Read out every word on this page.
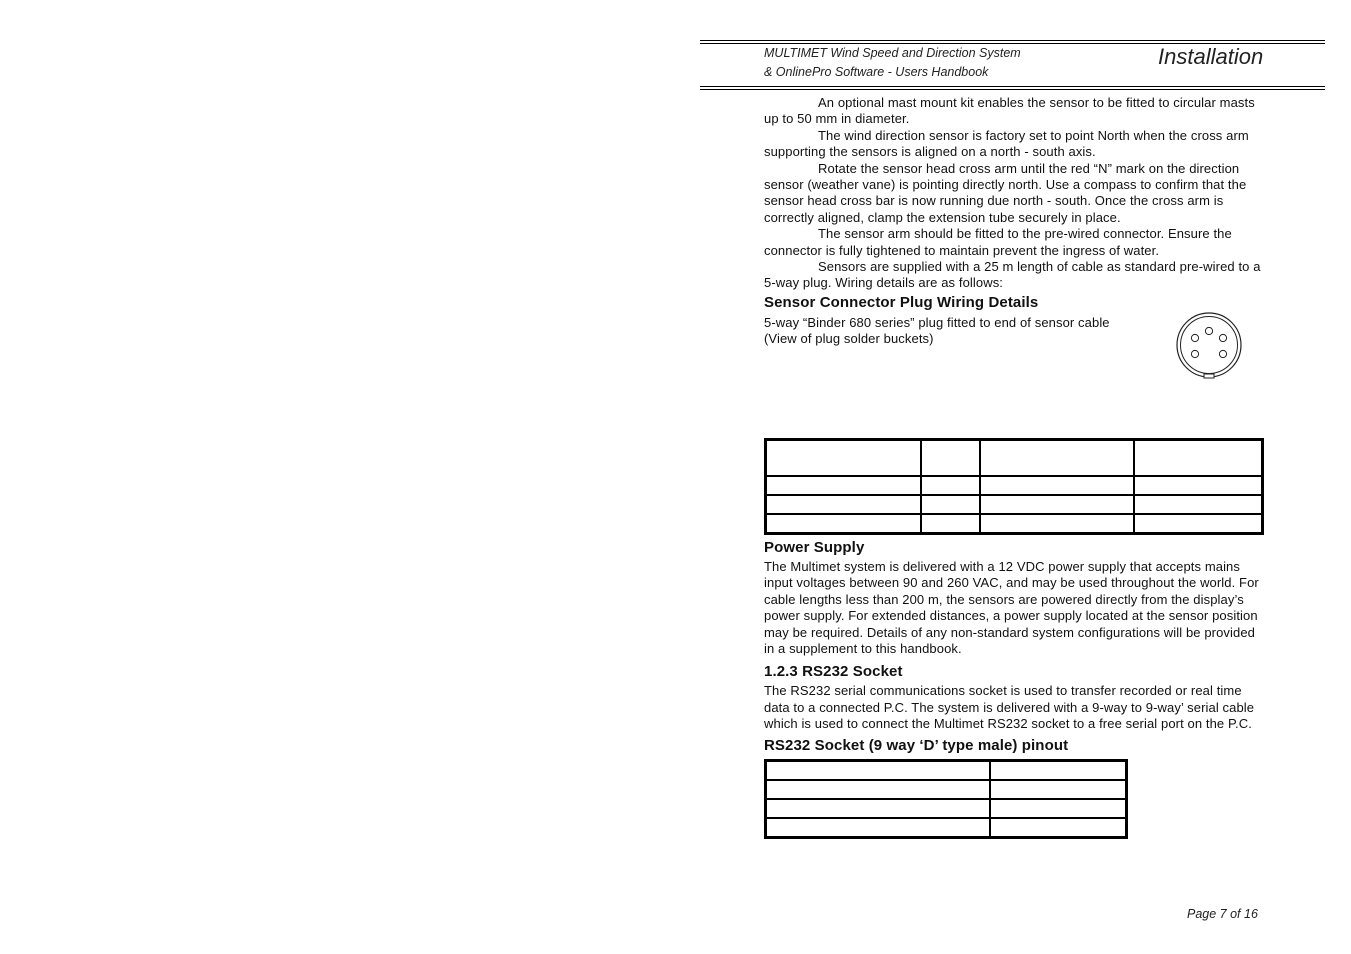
MULTIMET Wind Speed and Direction System
& OnlinePro Software - Users Handbook
Installation

An optional mast mount kit enables the sensor to be fitted to circular masts up to 50 mm in diameter.

The wind direction sensor is factory set to point North when the cross arm supporting the sensors is aligned on a north - south axis.

Rotate the sensor head cross arm until the red “N” mark on the direction sensor (weather vane) is pointing directly north. Use a compass to confirm that the sensor head cross bar is now running due north - south. Once the cross arm is correctly aligned, clamp the extension tube securely in place.

The sensor arm should be fitted to the pre-wired connector. Ensure the connector is fully tightened to maintain prevent the ingress of water.

Sensors are supplied with a 25 m length of cable as standard pre-wired to a 5-way plug. Wiring details are as follows:

Sensor Connector Plug Wiring Details

5-way “Binder 680 series” plug fitted to end of sensor cable (View of plug solder buckets)

Power Supply

The Multimet system is delivered with a 12 VDC power supply that accepts mains input voltages between 90 and 260 VAC, and may be used throughout the world. For cable lengths less than 200 m, the sensors are powered directly from the display’s power supply. For extended distances, a power supply located at the sensor position may be required. Details of any non-standard system configurations will be provided in a supplement to this handbook.

1.2.3 RS232 Socket

The RS232 serial communications socket is used to transfer recorded or real time data to a connected P.C. The system is delivered with a 9-way to 9-way’ serial cable which is used to connect the Multimet RS232 socket to a free serial port on the P.C.

RS232 Socket (9 way ‘D’ type male) pinout

Page 7 of 16
